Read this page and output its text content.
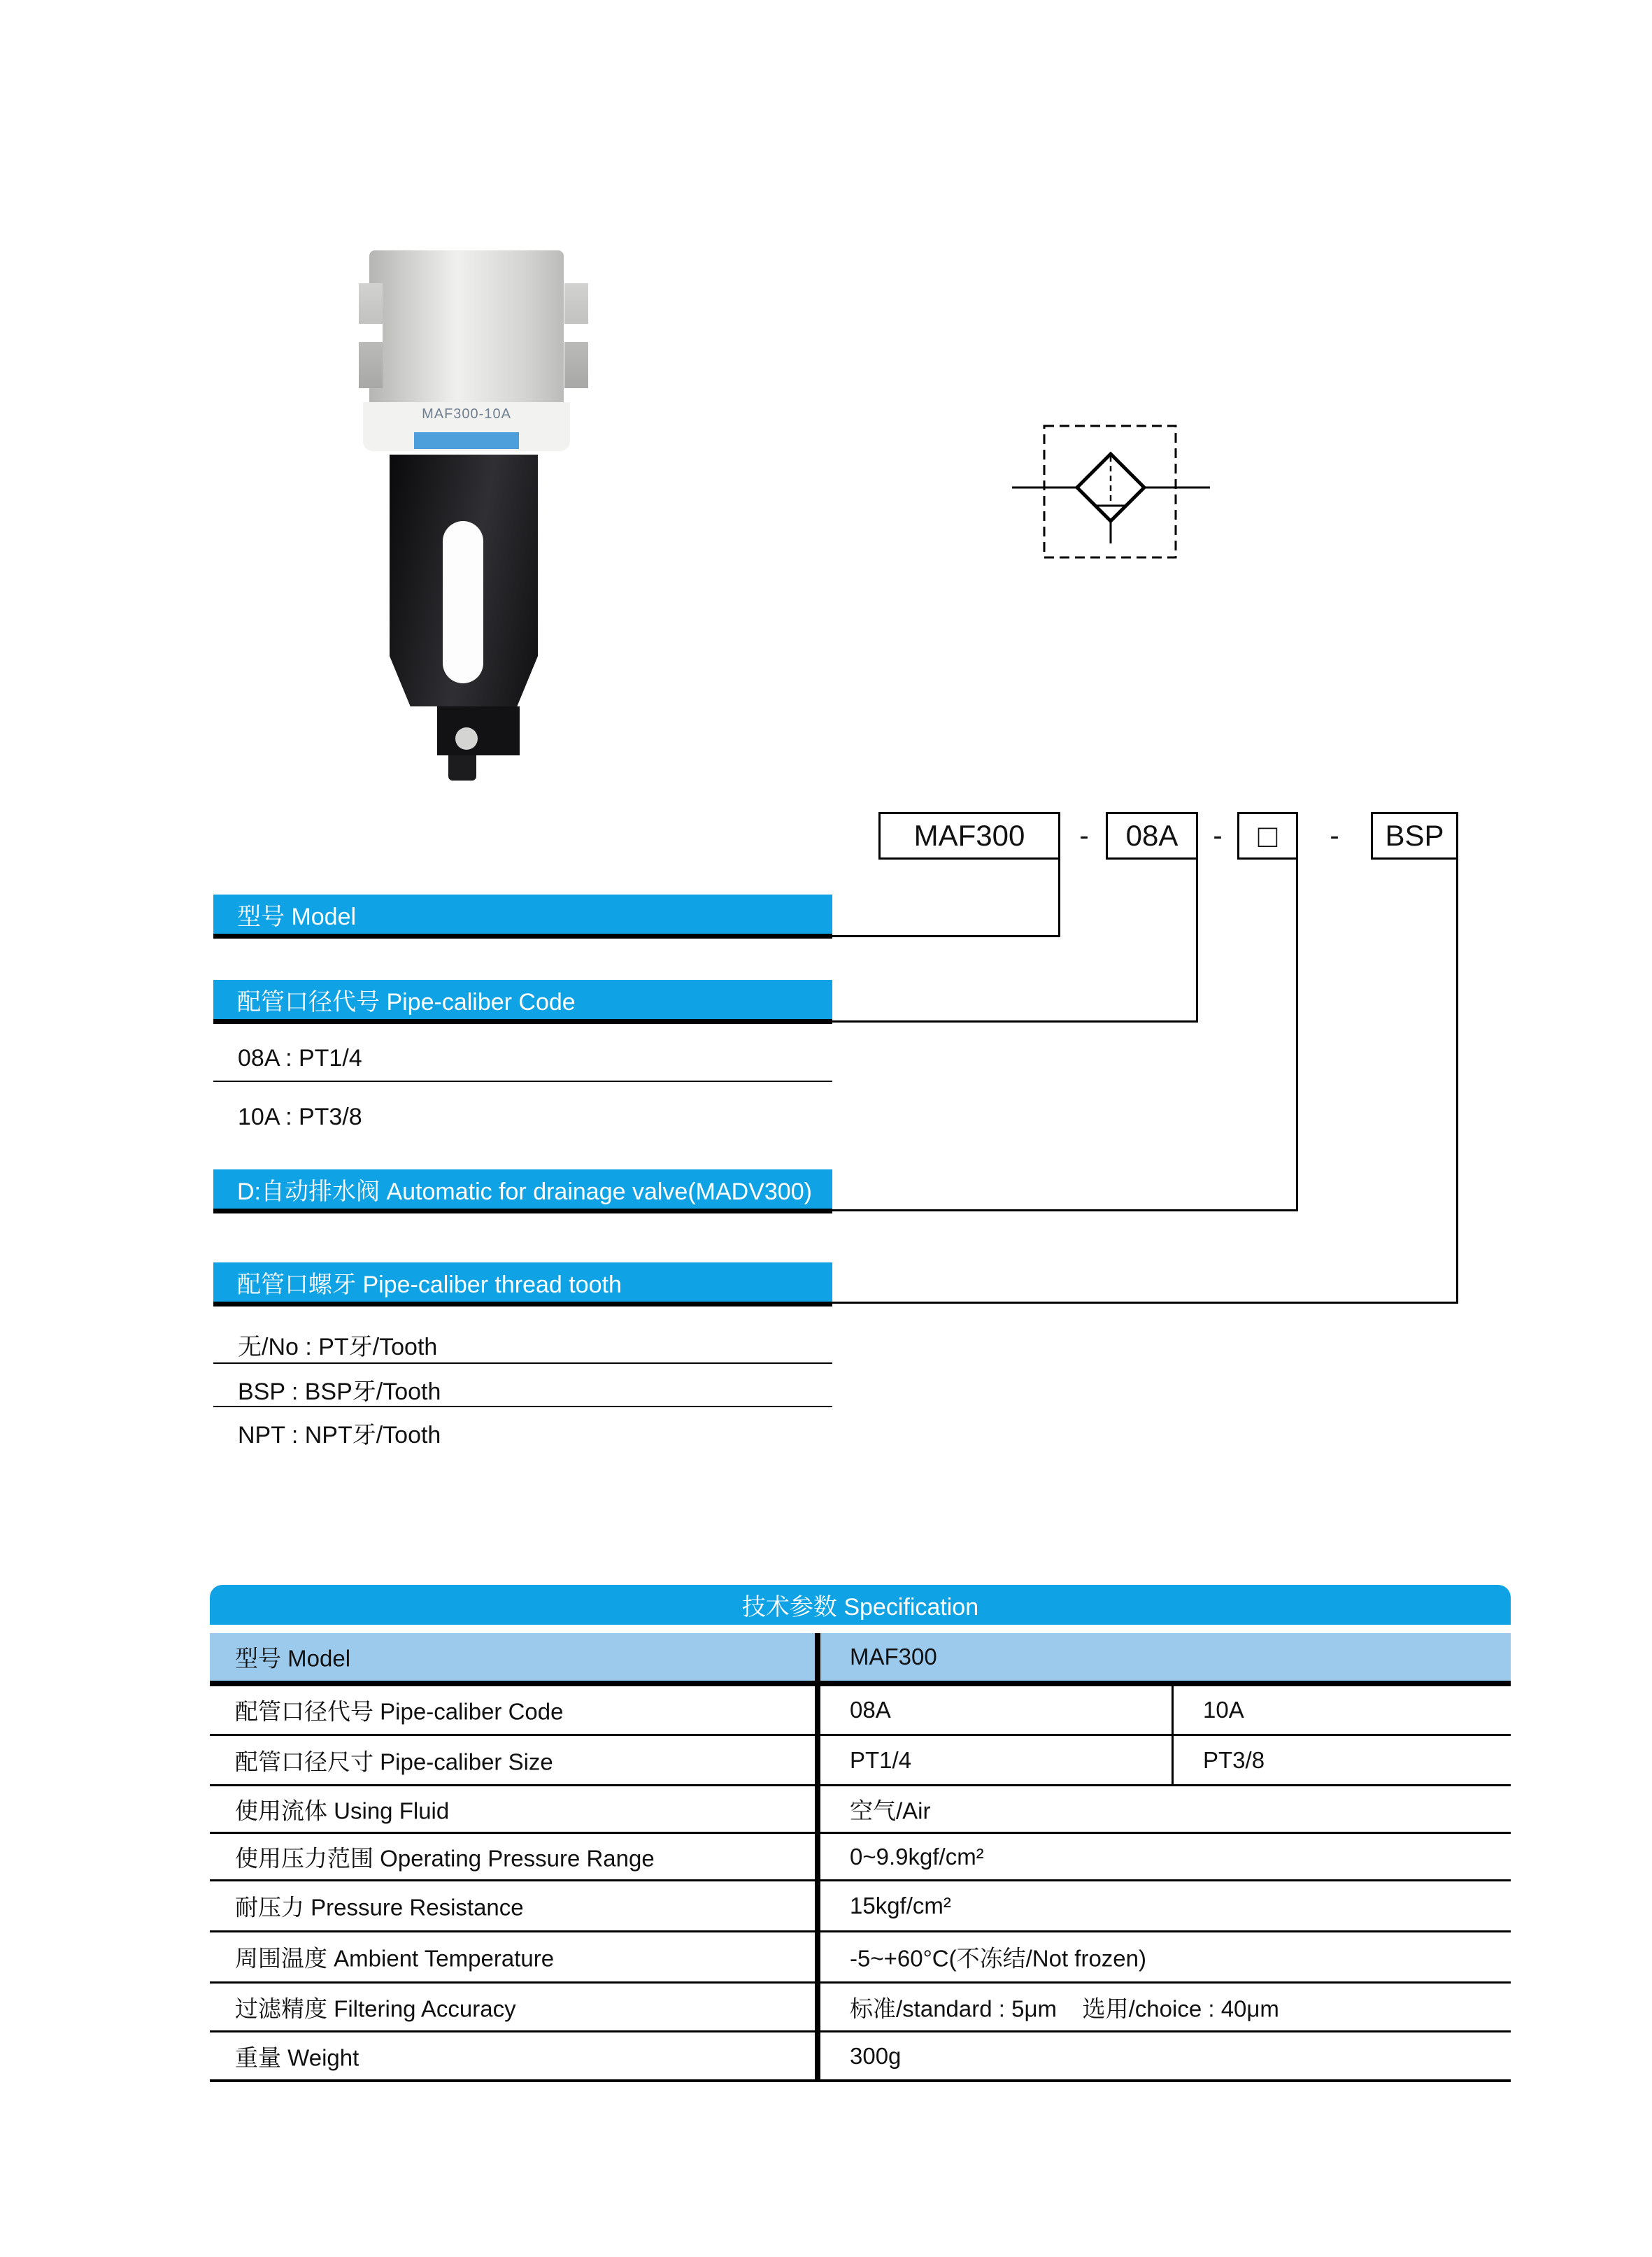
MAF300-10A
MAF300	-	08A	-	□	-	BSP
型号 Model
配管口径代号 Pipe-caliber Code
08A : PT1/4
10A : PT3/8
D:自动排水阀 Automatic for drainage valve(MADV300)
配管口螺牙 Pipe-caliber thread tooth
无/No : PT牙/Tooth
BSP : BSP牙/Tooth
NPT : NPT牙/Tooth
技术参数 Specification
型号 Model	MAF300
配管口径代号 Pipe-caliber Code	08A	10A
配管口径尺寸 Pipe-caliber Size	PT1/4	PT3/8
使用流体 Using Fluid	空气/Air
使用压力范围 Operating Pressure Range	0~9.9kgf/cm²
耐压力 Pressure Resistance	15kgf/cm²
周围温度 Ambient Temperature	-5~+60°C(不冻结/Not frozen)
过滤精度 Filtering Accuracy	标准/standard : 5μm    选用/choice : 40μm
重量 Weight	300g
